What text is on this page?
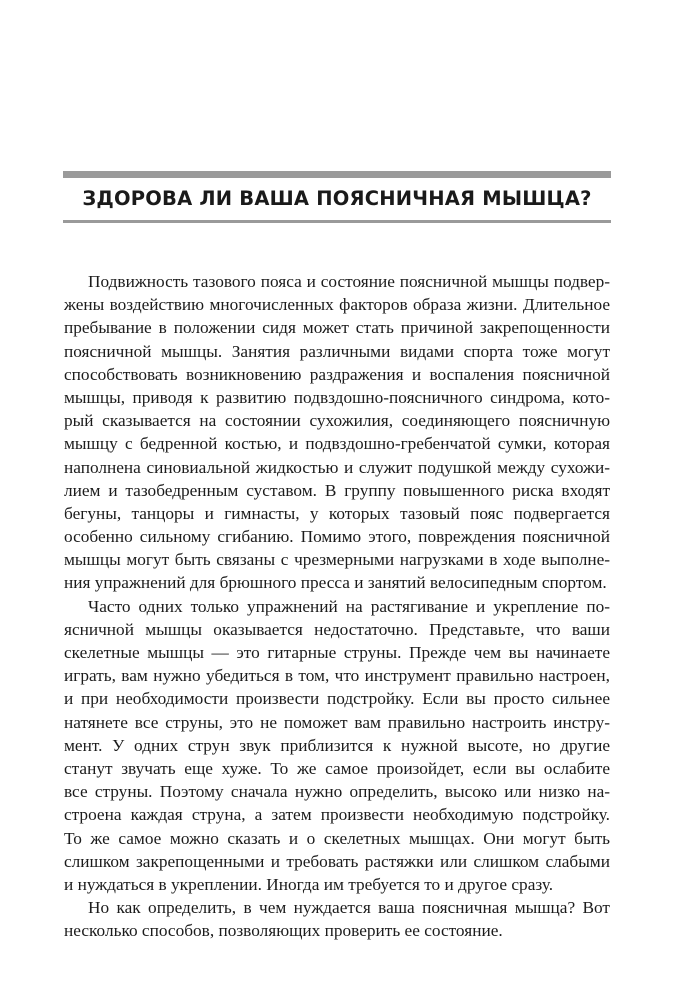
ЗДОРОВА ЛИ ВАША ПОЯСНИЧНАЯ МЫШЦА?
Подвижность тазового пояса и состояние поясничной мышцы подвер-
жены воздействию многочисленных факторов образа жизни. Длительное
пребывание в положении сидя может стать причиной закрепощенности
поясничной мышцы. Занятия различными видами спорта тоже могут
способствовать возникновению раздражения и воспаления поясничной
мышцы, приводя к развитию подвздошно-поясничного синдрома, кото-
рый сказывается на состоянии сухожилия, соединяющего поясничную
мышцу с бедренной костью, и подвздошно-гребенчатой сумки, которая
наполнена синовиальной жидкостью и служит подушкой между сухожи-
лием и тазобедренным суставом. В группу повышенного риска входят
бегуны, танцоры и гимнасты, у которых тазовый пояс подвергается
особенно сильному сгибанию. Помимо этого, повреждения поясничной
мышцы могут быть связаны с чрезмерными нагрузками в ходе выполне-
ния упражнений для брюшного пресса и занятий велосипедным спортом.
Часто одних только упражнений на растягивание и укрепление по-
ясничной мышцы оказывается недостаточно. Представьте, что ваши
скелетные мышцы — это гитарные струны. Прежде чем вы начинаете
играть, вам нужно убедиться в том, что инструмент правильно настроен,
и при необходимости произвести подстройку. Если вы просто сильнее
натянете все струны, это не поможет вам правильно настроить инстру-
мент. У одних струн звук приблизится к нужной высоте, но другие
станут звучать еще хуже. То же самое произойдет, если вы ослабите
все струны. Поэтому сначала нужно определить, высоко или низко на-
строена каждая струна, а затем произвести необходимую подстройку.
То же самое можно сказать и о скелетных мышцах. Они могут быть
слишком закрепощенными и требовать растяжки или слишком слабыми
и нуждаться в укреплении. Иногда им требуется то и другое сразу.
Но как определить, в чем нуждается ваша поясничная мышца? Вот
несколько способов, позволяющих проверить ее состояние.
